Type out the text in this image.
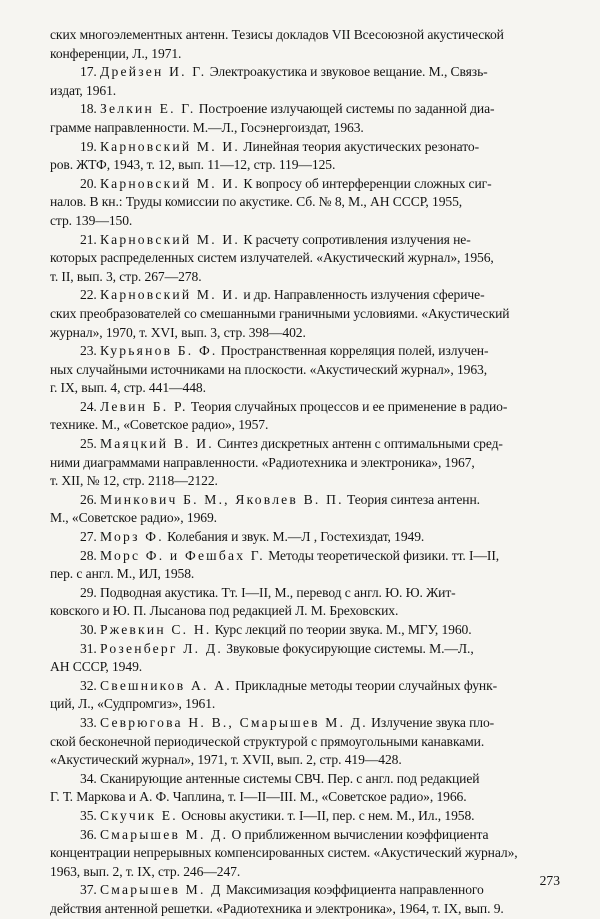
ских многоэлементных антенн. Тезисы докладов VII Всесоюзной акустической
конференции, Л., 1971.
17. Дрейзен И. Г. Электроакустика и звуковое вещание. М., Связь-
издат, 1961.
18. Зелкин Е. Г. Построение излучающей системы по заданной диа-
грамме направленности. М.—Л., Госэнергоиздат, 1963.
19. Карновский М. И. Линейная теория акустических резонато-
ров. ЖТФ, 1943, т. 12, вып. 11—12, стр. 119—125.
20. Карновский М. И. К вопросу об интерференции сложных сиг-
налов. В кн.: Труды комиссии по акустике. Сб. № 8, М., АН СССР, 1955,
стр. 139—150.
21. Карновский М. И. К расчету сопротивления излучения не-
которых распределенных систем излучателей. «Акустический журнал», 1956,
т. II, вып. 3, стр. 267—278.
22. Карновский М. И. и др. Направленность излучения сфериче-
ских преобразователей со смешанными граничными условиями. «Акустический
журнал», 1970, т. XVI, вып. 3, стр. 398—402.
23. Курьянов Б. Ф. Пространственная корреляция полей, излучен-
ных случайными источниками на плоскости. «Акустический журнал», 1963,
г. IX, вып. 4, стр. 441—448.
24. Левин Б. Р. Теория случайных процессов и ее применение в радио-
технике. М., «Советское радио», 1957.
25. Маяцкий В. И. Синтез дискретных антенн с оптимальными сред-
ними диаграммами направленности. «Радиотехника и электроника», 1967,
т. XII, № 12, стр. 2118—2122.
26. Минкович Б. М., Яковлев В. П. Теория синтеза антенн.
М., «Советское радио», 1969.
27. Морз Ф. Колебания и звук. М.—Л , Гостехиздат, 1949.
28. Морс Ф. и Фешбах Г. Методы теоретической физики. тт. I—II,
пер. с англ. М., ИЛ, 1958.
29. Подводная акустика. Тт. I—II, М., перевод с англ. Ю. Ю. Жит-
ковского и Ю. П. Лысанова под редакцией Л. М. Бреховских.
30. Ржевкин С. Н. Курс лекций по теории звука. М., МГУ, 1960.
31. Розенберг Л. Д. Звуковые фокусирующие системы. М.—Л.,
АН СССР, 1949.
32. Свешников А. А. Прикладные методы теории случайных функ-
ций, Л., «Судпромгиз», 1961.
33. Севрюгова Н. В., Смарышев М. Д. Излучение звука пло-
ской бесконечной периодической структурой с прямоугольными канавками.
«Акустический журнал», 1971, т. XVII, вып. 2, стр. 419—428.
34. Сканирующие антенные системы СВЧ. Пер. с англ. под редакцией
Г. Т. Маркова и А. Ф. Чаплина, т. I—II—III. М., «Советское радио», 1966.
35. Скучик Е. Основы акустики. т. I—II, пер. с нем. М., Ил., 1958.
36. Смарышев М. Д. О приближенном вычислении коэффициента
концентрации непрерывных компенсированных систем. «Акустический журнал»,
1963, вып. 2, т. IX, стр. 246—247.
37. Смарышев М. Д Максимизация коэффициента направленного
действия антенной решетки. «Радиотехника и электроника», 1964, т. IX, вып. 9.
273
